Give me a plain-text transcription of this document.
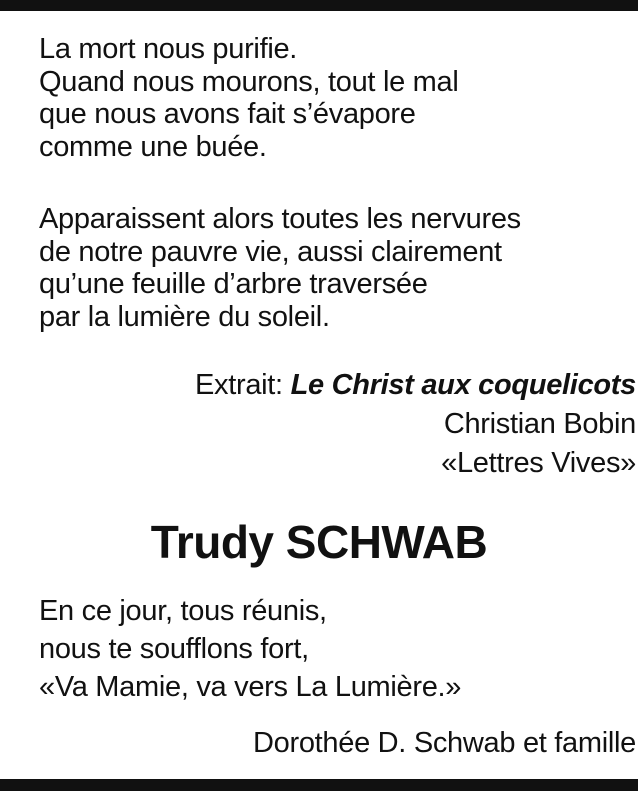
La mort nous purifie.
Quand nous mourons, tout le mal
que nous avons fait s’évapore
comme une buée.
Apparaissent alors toutes les nervures
de notre pauvre vie, aussi clairement
qu’une feuille d’arbre traversée
par la lumière du soleil.
Extrait: Le Christ aux coquelicots
Christian Bobin
«Lettres Vives»
Trudy SCHWAB
En ce jour, tous réunis,
nous te soufflons fort,
«Va Mamie, va vers La Lumière.»
Dorothée D. Schwab et famille
